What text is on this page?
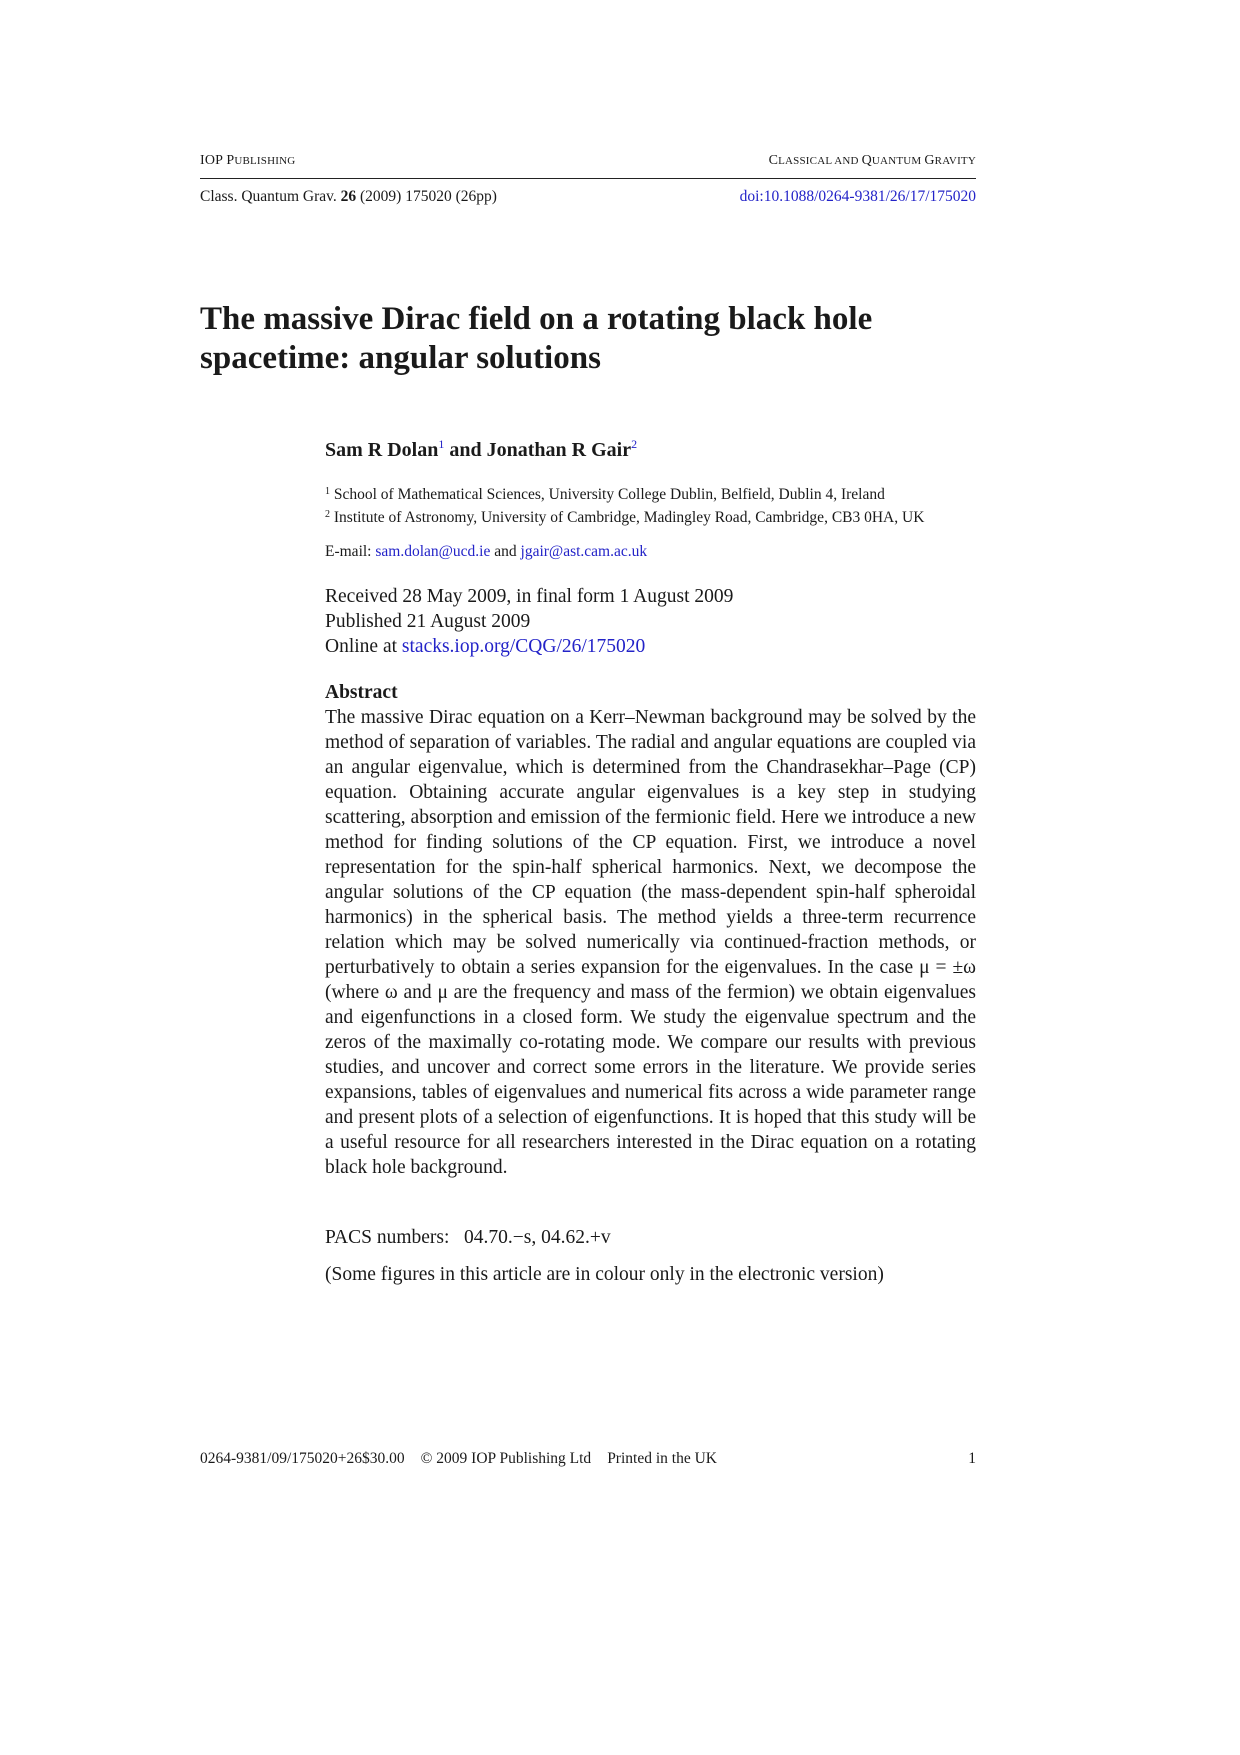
IOP PUBLISHING	CLASSICAL AND QUANTUM GRAVITY
Class. Quantum Grav. 26 (2009) 175020 (26pp)	doi:10.1088/0264-9381/26/17/175020
The massive Dirac field on a rotating black hole spacetime: angular solutions
Sam R Dolan$^1$ and Jonathan R Gair$^2$
$^1$ School of Mathematical Sciences, University College Dublin, Belfield, Dublin 4, Ireland
$^2$ Institute of Astronomy, University of Cambridge, Madingley Road, Cambridge, CB3 0HA, UK
E-mail: sam.dolan@ucd.ie and jgair@ast.cam.ac.uk
Received 28 May 2009, in final form 1 August 2009
Published 21 August 2009
Online at stacks.iop.org/CQG/26/175020
Abstract
The massive Dirac equation on a Kerr–Newman background may be solved by the method of separation of variables. The radial and angular equations are coupled via an angular eigenvalue, which is determined from the Chandrasekhar–Page (CP) equation. Obtaining accurate angular eigenvalues is a key step in studying scattering, absorption and emission of the fermionic field. Here we introduce a new method for finding solutions of the CP equation. First, we introduce a novel representation for the spin-half spherical harmonics. Next, we decompose the angular solutions of the CP equation (the mass-dependent spin-half spheroidal harmonics) in the spherical basis. The method yields a three-term recurrence relation which may be solved numerically via continued-fraction methods, or perturbatively to obtain a series expansion for the eigenvalues. In the case μ = ±ω (where ω and μ are the frequency and mass of the fermion) we obtain eigenvalues and eigenfunctions in a closed form. We study the eigenvalue spectrum and the zeros of the maximally co-rotating mode. We compare our results with previous studies, and uncover and correct some errors in the literature. We provide series expansions, tables of eigenvalues and numerical fits across a wide parameter range and present plots of a selection of eigenfunctions. It is hoped that this study will be a useful resource for all researchers interested in the Dirac equation on a rotating black hole background.
PACS numbers:   04.70.−s, 04.62.+v
(Some figures in this article are in colour only in the electronic version)
0264-9381/09/175020+26$30.00 © 2009 IOP Publishing Ltd Printed in the UK	1
